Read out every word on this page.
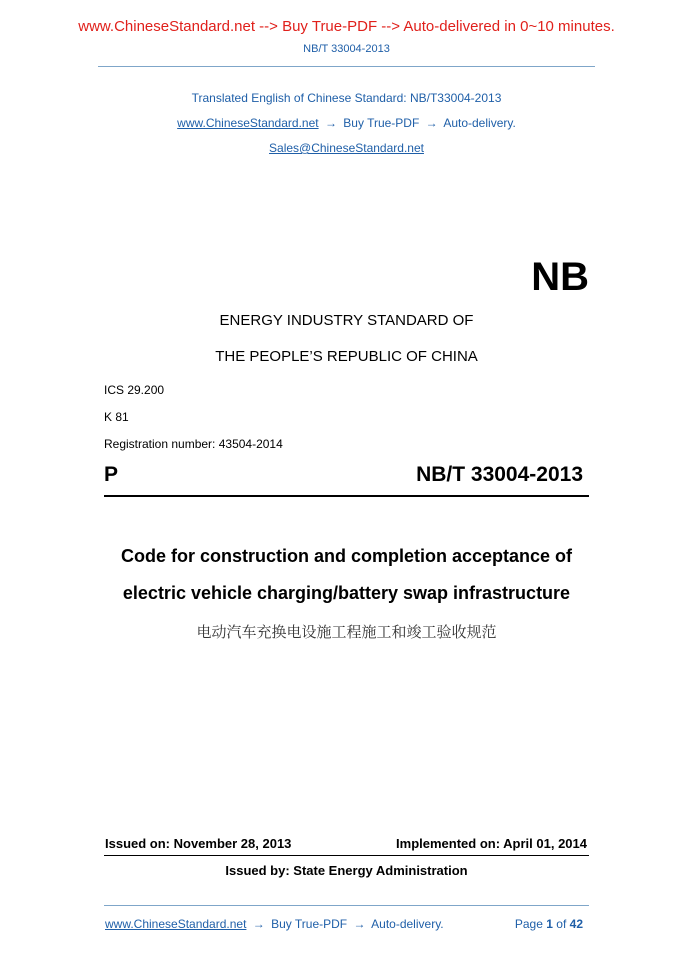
www.ChineseStandard.net --> Buy True-PDF --> Auto-delivered in 0~10 minutes.
NB/T 33004-2013
Translated English of Chinese Standard: NB/T33004-2013
www.ChineseStandard.net → Buy True-PDF → Auto-delivery.
Sales@ChineseStandard.net
NB
ENERGY INDUSTRY STANDARD OF
THE PEOPLE’S REPUBLIC OF CHINA
ICS 29.200
K 81
Registration number: 43504-2014
P	NB/T 33004-2013
Code for construction and completion acceptance of
electric vehicle charging/battery swap infrastructure
电动汽车充换电设施工程施工和竣工验收规范
Issued on: November 28, 2013	Implemented on: April 01, 2014
Issued by: State Energy Administration
www.ChineseStandard.net → Buy True-PDF → Auto-delivery.	Page 1 of 42
